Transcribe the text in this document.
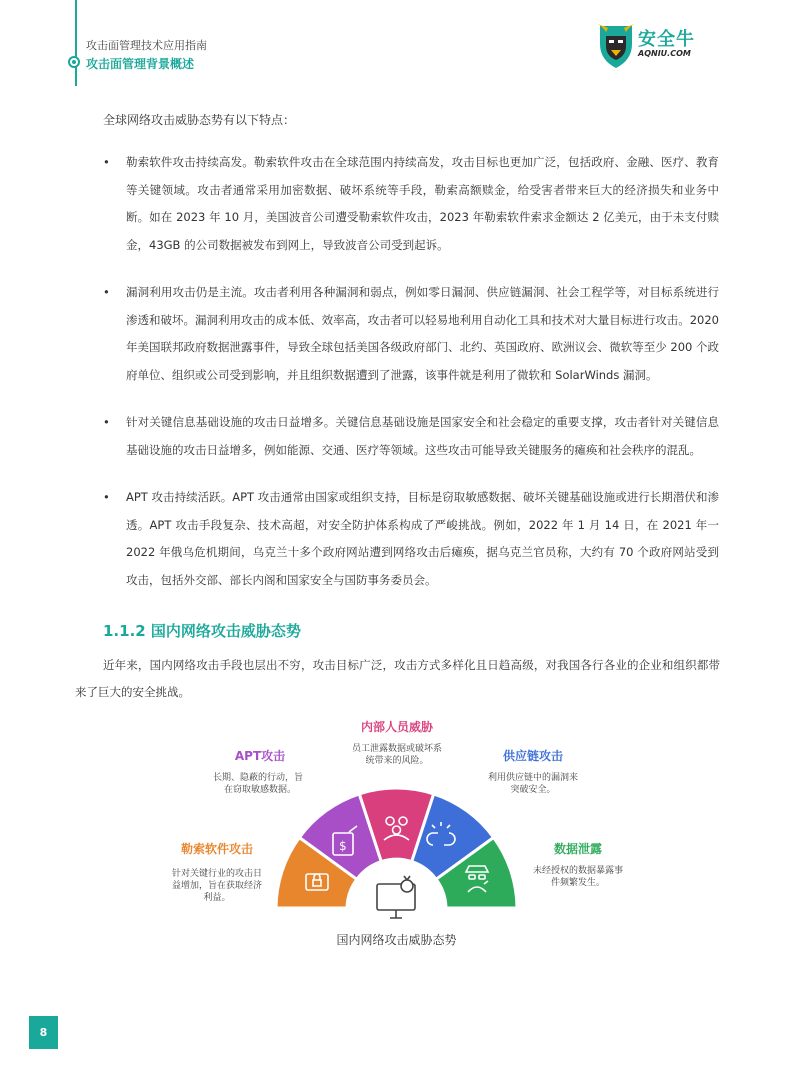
攻击面管理技术应用指南
攻击面管理背景概述
安全牛
AQNIU.COM
全球网络攻击威胁态势有以下特点：
• 勒索软件攻击持续高发。勒索软件攻击在全球范围内持续高发，攻击目标也更加广泛，包括政府、金融、医疗、教育等关键领域。攻击者通常采用加密数据、破坏系统等手段，勒索高额赎金，给受害者带来巨大的经济损失和业务中断。如在 2023 年 10 月，美国波音公司遭受勒索软件攻击，2023 年勒索软件索求金额达 2 亿美元，由于未支付赎金，43GB 的公司数据被发布到网上，导致波音公司受到起诉。
• 漏洞利用攻击仍是主流。攻击者利用各种漏洞和弱点，例如零日漏洞、供应链漏洞、社会工程学等，对目标系统进行渗透和破坏。漏洞利用攻击的成本低、效率高，攻击者可以轻易地利用自动化工具和技术对大量目标进行攻击。2020 年美国联邦政府数据泄露事件，导致全球包括美国各级政府部门、北约、英国政府、欧洲议会、微软等至少 200 个政府单位、组织或公司受到影响，并且组织数据遭到了泄露，该事件就是利用了微软和 SolarWinds 漏洞。
• 针对关键信息基础设施的攻击日益增多。关键信息基础设施是国家安全和社会稳定的重要支撑，攻击者针对关键信息基础设施的攻击日益增多，例如能源、交通、医疗等领域。这些攻击可能导致关键服务的瘫痪和社会秩序的混乱。
• APT 攻击持续活跃。APT 攻击通常由国家或组织支持，目标是窃取敏感数据、破坏关键基础设施或进行长期潜伏和渗透。APT 攻击手段复杂、技术高超，对安全防护体系构成了严峻挑战。例如，2022 年 1 月 14 日，在 2021 年一 2022 年俄乌危机期间，乌克兰十多个政府网站遭到网络攻击后瘫痪，据乌克兰官员称，大约有 70 个政府网站受到攻击，包括外交部、部长内阁和国家安全与国防事务委员会。
1.1.2 国内网络攻击威胁态势
近年来，国内网络攻击手段也层出不穷，攻击目标广泛，攻击方式多样化且日趋高级，对我国各行各业的企业和组织都带来了巨大的安全挑战。
$
APT攻击
长期、隐蔽的行动，旨
在窃取敏感数据。
内部人员威胁
员工泄露数据或破坏系
统带来的风险。	供应链攻击
利用供应链中的漏洞来
突破安全。
勒索软件攻击
针对关键行业的攻击日
益增加，旨在获取经济
利益。
数据泄露
未经授权的数据暴露事
件频繁发生。
国内网络攻击威胁态势
8
